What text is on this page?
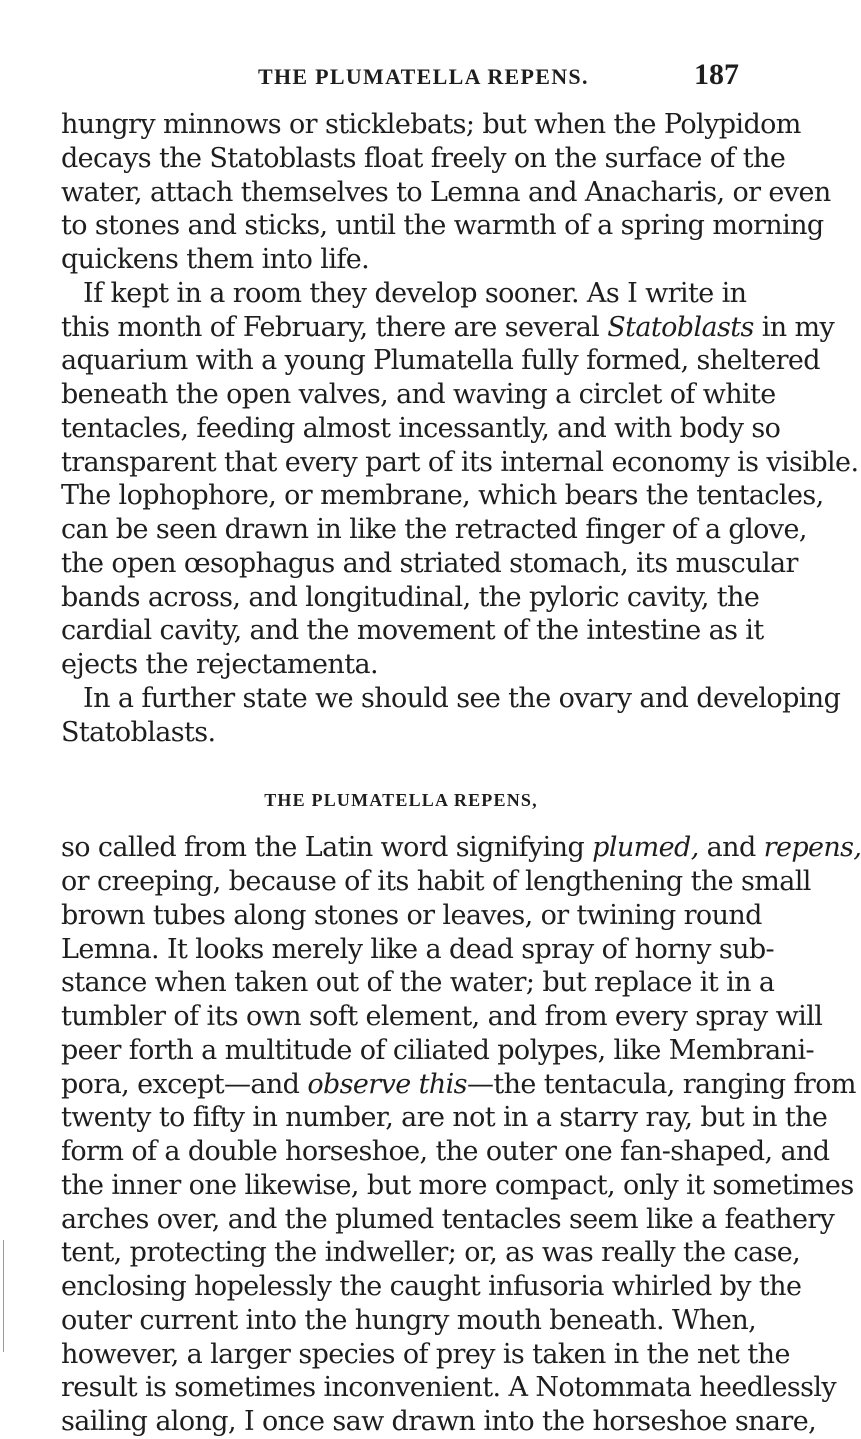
THE PLUMATELLA REPENS.	187
hungry minnows or sticklebats; but when the Polypidom
decays the Statoblasts float freely on the surface of the
water, attach themselves to Lemna and Anacharis, or even
to stones and sticks, until the warmth of a spring morning
quickens them into life.
If kept in a room they develop sooner. As I write in
this month of February, there are several Statoblasts in my
aquarium with a young Plumatella fully formed, sheltered
beneath the open valves, and waving a circlet of white
tentacles, feeding almost incessantly, and with body so
transparent that every part of its internal economy is visible.
The lophophore, or membrane, which bears the tentacles,
can be seen drawn in like the retracted finger of a glove,
the open œsophagus and striated stomach, its muscular
bands across, and longitudinal, the pyloric cavity, the
cardial cavity, and the movement of the intestine as it
ejects the rejectamenta.
In a further state we should see the ovary and developing
Statoblasts.
THE PLUMATELLA REPENS,
so called from the Latin word signifying plumed, and repens,
or creeping, because of its habit of lengthening the small
brown tubes along stones or leaves, or twining round
Lemna. It looks merely like a dead spray of horny sub-
stance when taken out of the water; but replace it in a
tumbler of its own soft element, and from every spray will
peer forth a multitude of ciliated polypes, like Membrani-
pora, except—and observe this—the tentacula, ranging from
twenty to fifty in number, are not in a starry ray, but in the
form of a double horseshoe, the outer one fan-shaped, and
the inner one likewise, but more compact, only it sometimes
arches over, and the plumed tentacles seem like a feathery
tent, protecting the indweller; or, as was really the case,
enclosing hopelessly the caught infusoria whirled by the
outer current into the hungry mouth beneath. When,
however, a larger species of prey is taken in the net the
result is sometimes inconvenient. A Notommata heedlessly
sailing along, I once saw drawn into the horseshoe snare,
